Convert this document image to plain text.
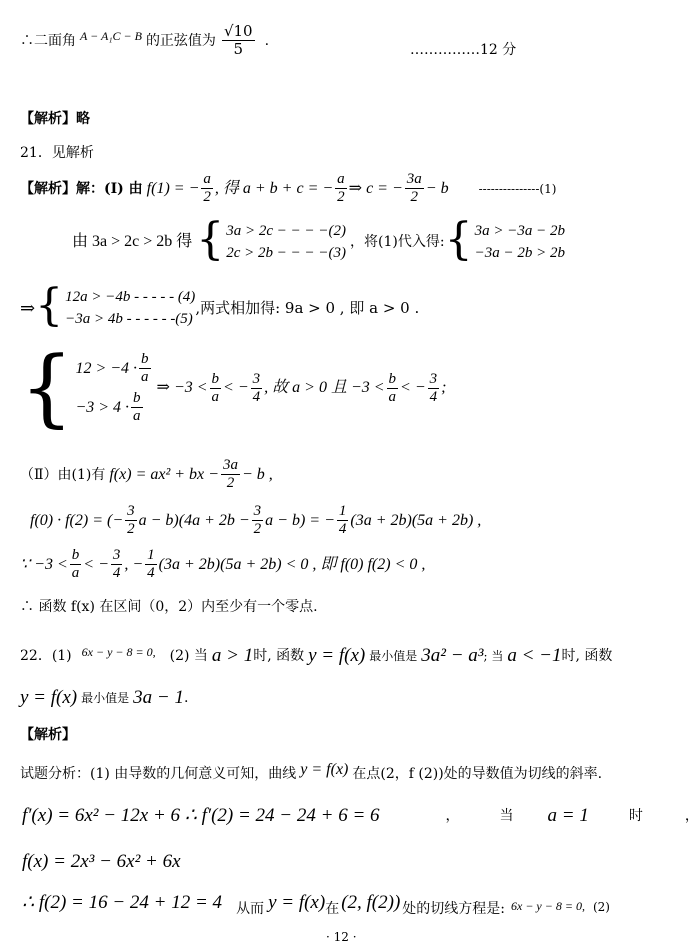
∴二面角 A − A₁C − B 的正弦值为 $\frac{√10}{5}$ .
……………12 分
【解析】略
21．见解析
【解析】解：(I) 由 f(1) = − $\frac{a}{2}$ , 得 a + b + c = − $\frac{a}{2}$ ⇒ c = − $\frac{3a}{2} - b$	---------------(1)
由 3a > 2c > 2b 得 { 3a > 2c − − − −(2)
2c > 2b − − − −(3)
，将(1)代入得: { 3a > −3a − 2b
−3a − 2b > 2b
⇒ { 12a > −4b - - - - - (4)
−3a > 4b - - - - - -(5)
,两式相加得: 9a > 0 , 即 a > 0 .
{ $12 > -4 \cdot \frac{b}{a}$
$-3 > 4 \cdot \frac{b}{a}$
⇒ $-3 < \frac{b}{a}$ < − $\frac{3}{4}$ , 故 a > 0 且 $-3 < \frac{b}{a}$ < − $\frac{3}{4}$ ;
（Ⅱ）由(1)有 f(x) = ax² + bx − $\frac{3a}{2} - b$ ,
f(0) · f(2) = (− $\frac{3}{2}$ $a - b)(4a + 2b - \frac{3}{2}$ a − b) = − $\frac{1}{4} (3a + 2b)(5a + 2b)$ ,
∵ $-3 < \frac{b}{a}$ < − $\frac{3}{4}$ , − $\frac{1}{4} (3a + 2b)(5a + 2b) < 0$ , 即 f(0) f(2) < 0 ,
∴ 函数 f(x) 在区间（0，2）内至少有一个零点.
22．(1) 6x − y − 8 = 0, (2) 当 a > 1 时, 函数 y = f(x) 最小值是 3a² − a³ ; 当 a < −1 时, 函数
y = f(x) 最小值是 3a − 1 .
【解析】
试题分析：(1) 由导数的几何意义可知，曲线 y = f(x) 在点(2，f (2))处的导数值为切线的斜率.
f′(x) = 6x² − 12x + 6 ∴ f′(2) = 24 − 24 + 6 = 6	，	当 a = 1	时	，
f(x) = 2x³ − 6x² + 6x
∴ f(2) = 16 − 24 + 12 = 4 从而 y = f(x) 在 (2, f(2)) 处的切线方程是: 6x − y − 8 = 0, (2)
· 12 ·
